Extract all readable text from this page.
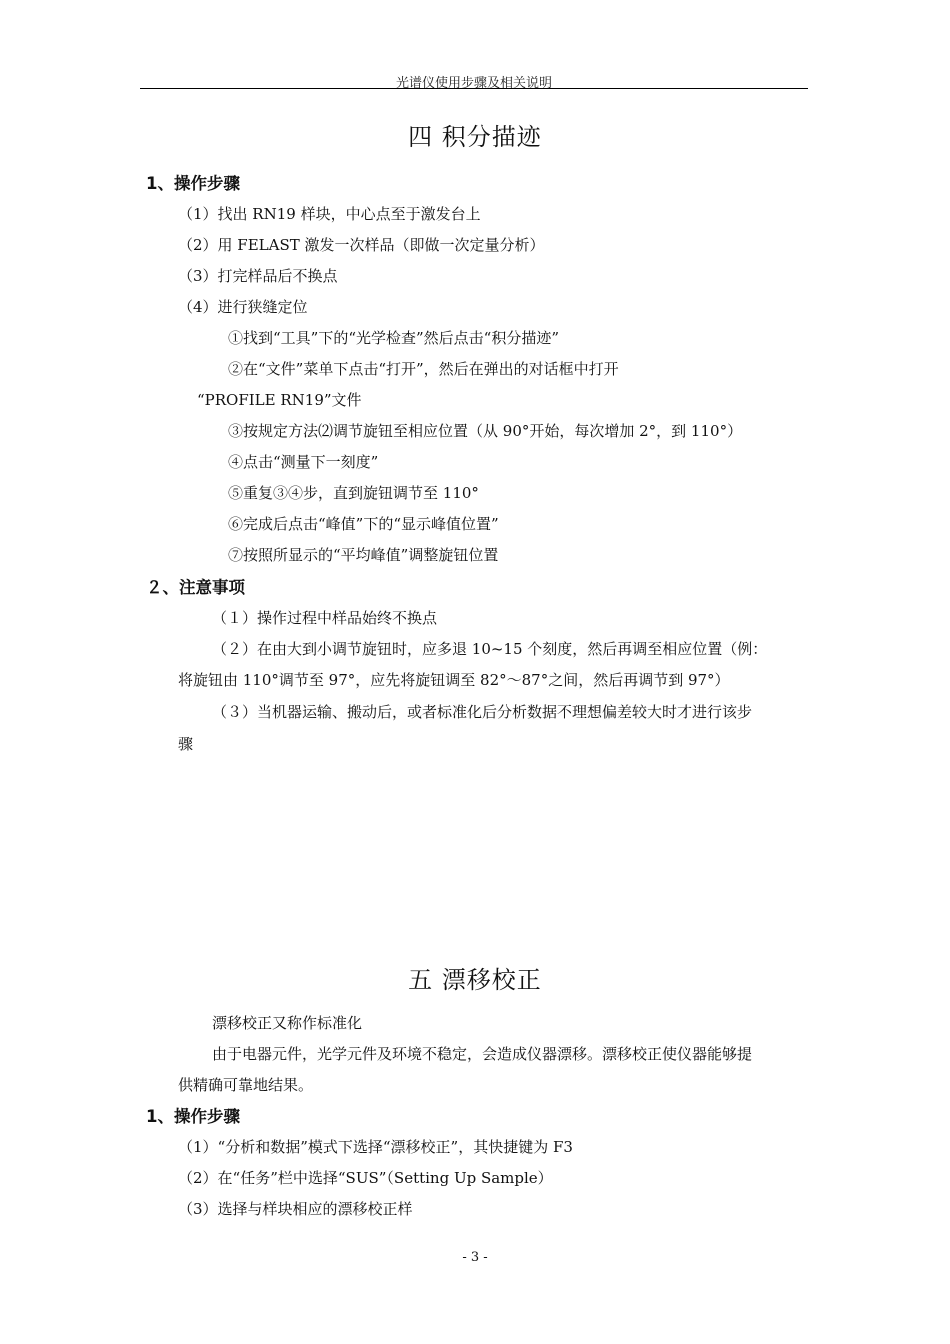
光谱仪使用步骤及相关说明
四 积分描迹
1、操作步骤
（1）找出 RN19 样块，中心点至于激发台上
（2）用 FELAST 激发一次样品（即做一次定量分析）
（3）打完样品后不换点
（4）进行狭缝定位
①找到“工具”下的“光学检查”然后点击“积分描迹”
②在“文件”菜单下点击“打开”，然后在弹出的对话框中打开
“PROFILE RN19”文件
③按规定方法⑵调节旋钮至相应位置（从 90°开始，每次增加 2°，到 110°）
④点击“测量下一刻度”
⑤重复③④步，直到旋钮调节至 110°
⑥完成后点击“峰值”下的“显示峰值位置”
⑦按照所显示的“平均峰值”调整旋钮位置
２、注意事项
（１）操作过程中样品始终不换点
（２）在由大到小调节旋钮时，应多退 10~15 个刻度，然后再调至相应位置（例：
将旋钮由 110°调节至 97°，应先将旋钮调至 82°～87°之间，然后再调节到 97°）
（３）当机器运输、搬动后，或者标准化后分析数据不理想偏差较大时才进行该步
骤
五 漂移校正
漂移校正又称作标准化
由于电器元件，光学元件及环境不稳定，会造成仪器漂移。漂移校正使仪器能够提
供精确可靠地结果。
1、操作步骤
（1）“分析和数据”模式下选择“漂移校正”，其快捷键为 F3
（2）在“任务”栏中选择“SUS”（Setting Up Sample）
（3）选择与样块相应的漂移校正样
- 3 -
